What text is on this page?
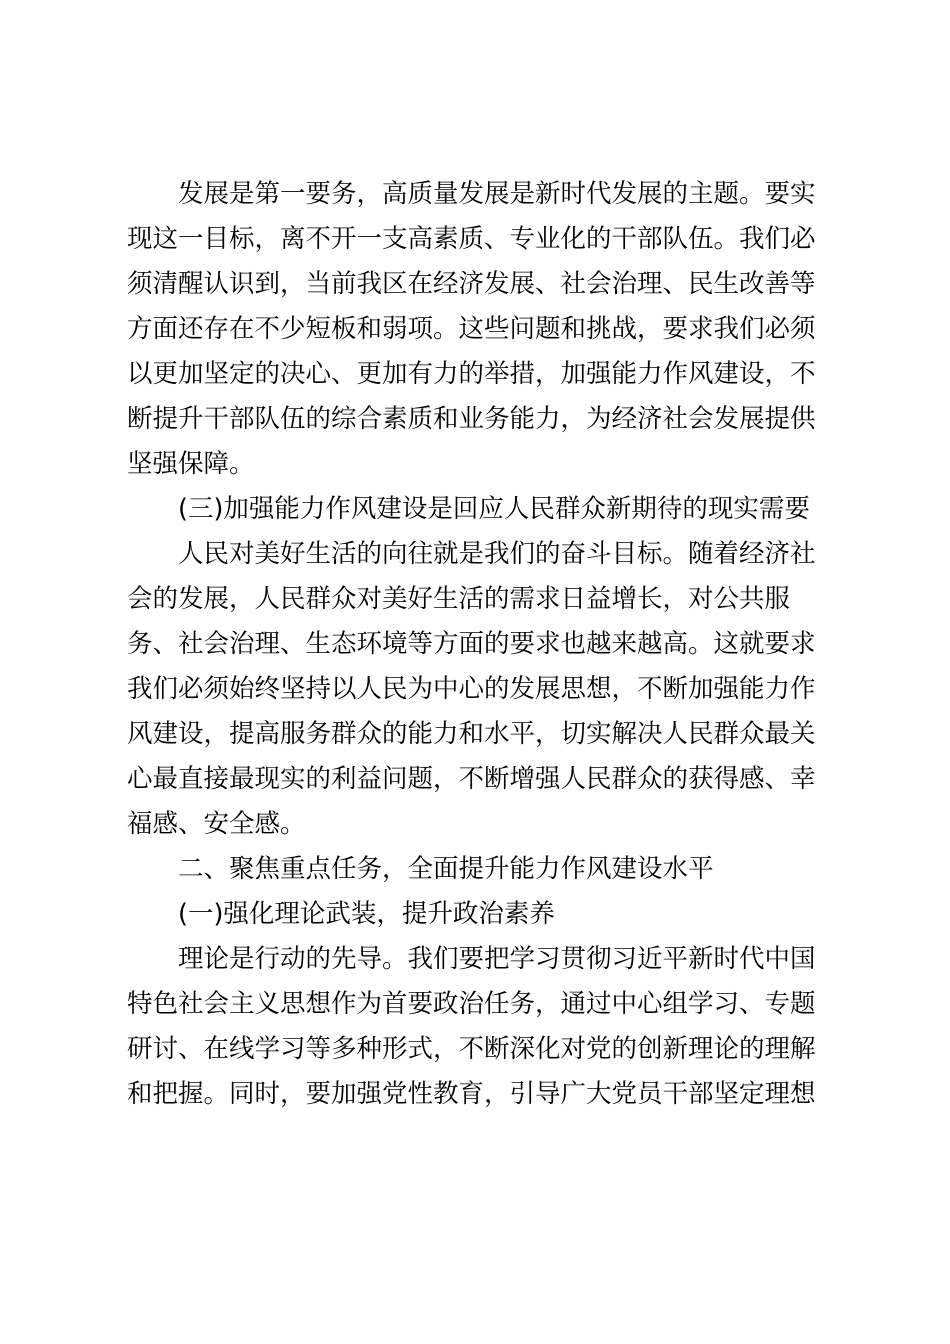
发展是第一要务，高质量发展是新时代发展的主题。要实
现这一目标，离不开一支高素质、专业化的干部队伍。我们必
须清醒认识到，当前我区在经济发展、社会治理、民生改善等
方面还存在不少短板和弱项。这些问题和挑战，要求我们必须
以更加坚定的决心、更加有力的举措，加强能力作风建设，不
断提升干部队伍的综合素质和业务能力，为经济社会发展提供
坚强保障。

(三)加强能力作风建设是回应人民群众新期待的现实需要

人民对美好生活的向往就是我们的奋斗目标。随着经济社
会的发展，人民群众对美好生活的需求日益增长，对公共服
务、社会治理、生态环境等方面的要求也越来越高。这就要求
我们必须始终坚持以人民为中心的发展思想，不断加强能力作
风建设，提高服务群众的能力和水平，切实解决人民群众最关
心最直接最现实的利益问题，不断增强人民群众的获得感、幸
福感、安全感。

二、聚焦重点任务，全面提升能力作风建设水平
(一)强化理论武装，提升政治素养

理论是行动的先导。我们要把学习贯彻习近平新时代中国
特色社会主义思想作为首要政治任务，通过中心组学习、专题
研讨、在线学习等多种形式，不断深化对党的创新理论的理解
和把握。同时，要加强党性教育，引导广大党员干部坚定理想
